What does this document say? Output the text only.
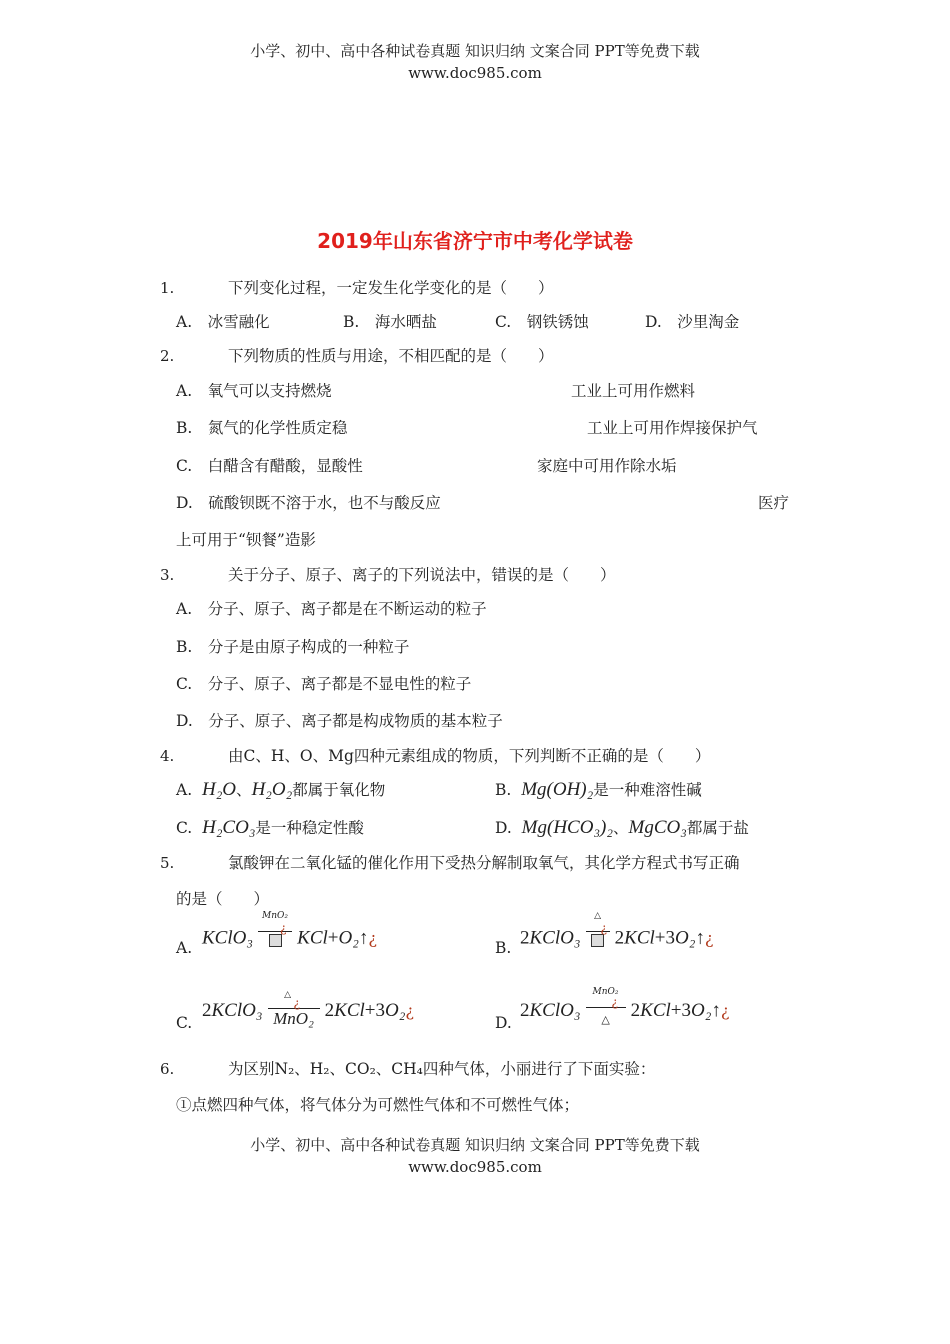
小学、初中、高中各种试卷真题 知识归纳 文案合同 PPT等免费下载
www.doc985.com
2019年山东省济宁市中考化学试卷
1.	下列变化过程，一定发生化学变化的是（　　）
A.　冰雪融化	B.　海水晒盐	C.　钢铁锈蚀	D.　沙里淘金
2.	下列物质的性质与用途，不相匹配的是（　　）
A.　氧气可以支持燃烧	工业上可用作燃料
B.　氮气的化学性质定稳	工业上可用作焊接保护气
C.　白醋含有醋酸，显酸性	家庭中可用作除水垢
D.　硫酸钡既不溶于水，也不与酸反应	医疗
上可用于“钡餐”造影
3.	关于分子、原子、离子的下列说法中，错误的是（　　）
A.　分子、原子、离子都是在不断运动的粒子
B.　分子是由原子构成的一种粒子
C.　分子、原子、离子都是不显电性的粒子
D.　分子、原子、离子都是构成物质的基本粒子
4.	由C、H、O、Mg四种元素组成的物质，下列判断不正确的是（　　）
A. H₂O、H₂O₂都属于氧化物	B. Mg(OH)₂是一种难溶性碱
C. H₂CO₃是一种稳定性酸	D. Mg(HCO₃)₂、MgCO₃都属于盐
5.	氯酸钾在二氧化锰的催化作用下受热分解制取氧气，其化学方程式书写正确
的是（　　）
A. KClO₃
MnO₂
¿ KCl+O₂↑¿
B. 2KClO₃
△
¿ 2KCl+3O₂↑¿
C.
2KClO₃
△
¿
MnO₂ 2KCl+3O₂¿
D.
2KClO₃
MnO₂
¿
△ 2KCl+3O₂↑¿
6.	为区别N₂、H₂、CO₂、CH₄四种气体，小丽进行了下面实验：
①点燃四种气体，将气体分为可燃性气体和不可燃性气体；
小学、初中、高中各种试卷真题 知识归纳 文案合同 PPT等免费下载
www.doc985.com
